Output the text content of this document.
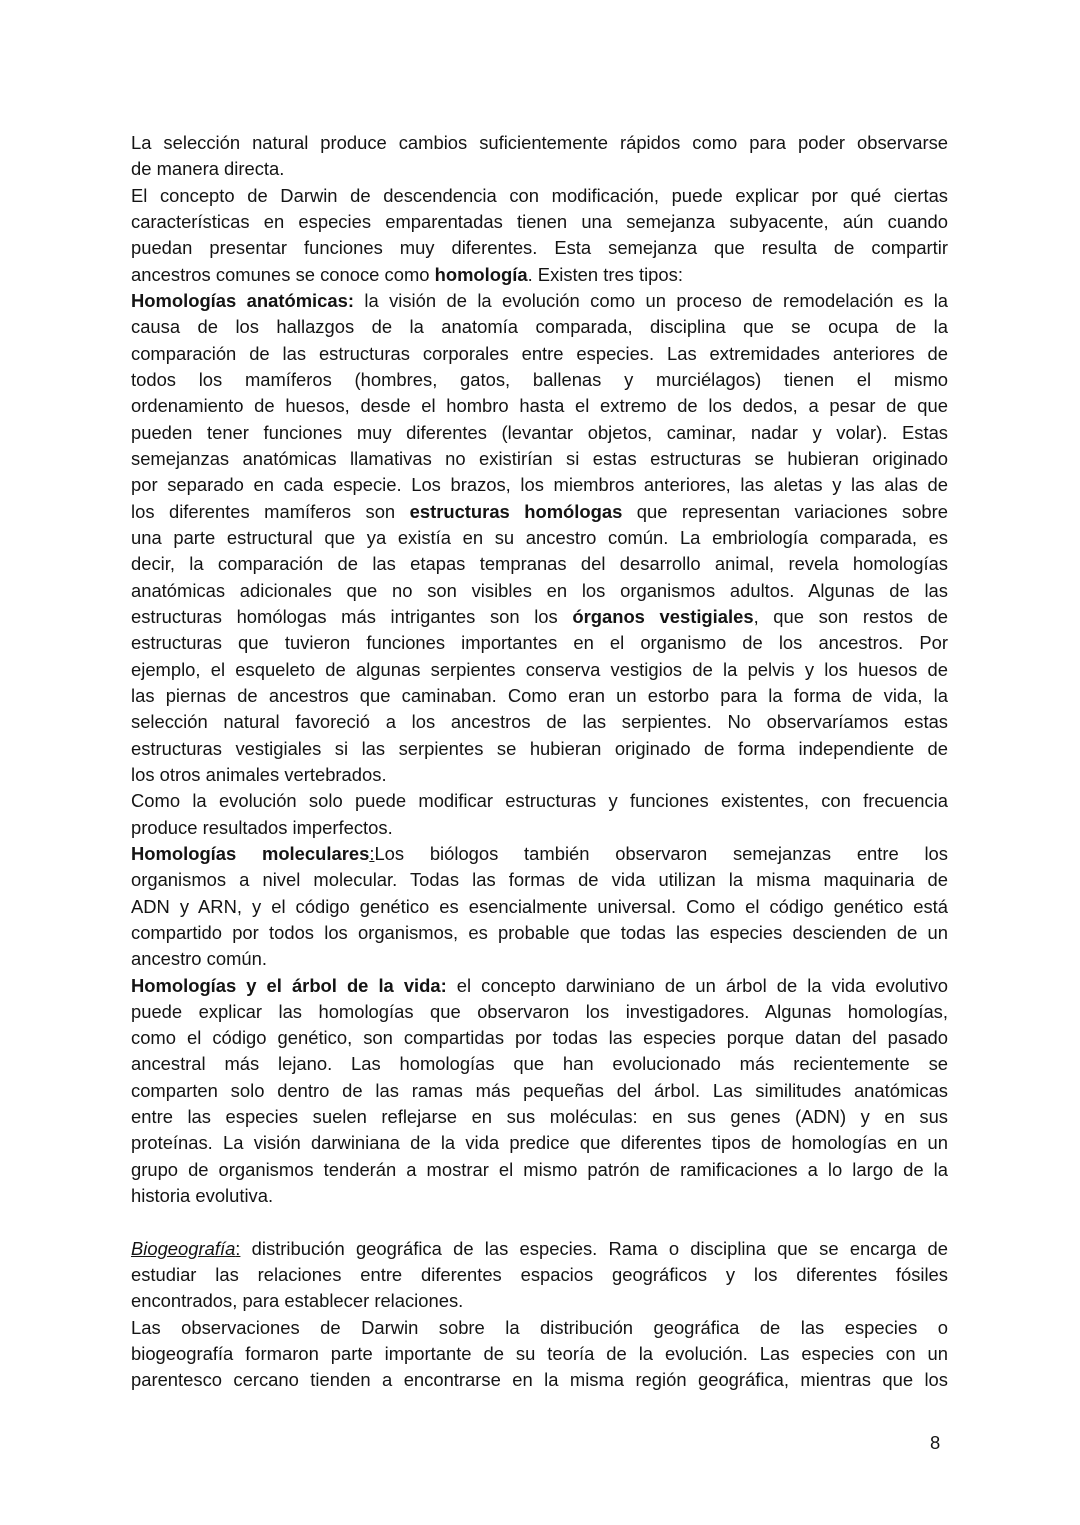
La selección natural produce cambios suficientemente rápidos como para poder observarse
de manera directa.
El concepto de Darwin de descendencia con modificación, puede explicar por qué ciertas
características en especies emparentadas tienen una semejanza subyacente, aún cuando
puedan presentar funciones muy diferentes. Esta semejanza que resulta de compartir
ancestros comunes se conoce como homología. Existen tres tipos:
Homologías anatómicas: la visión de la evolución como un proceso de remodelación es la
causa de los hallazgos de la anatomía comparada, disciplina que se ocupa de la
comparación de las estructuras corporales entre especies. Las extremidades anteriores de
todos los mamíferos (hombres, gatos, ballenas y murciélagos) tienen el mismo
ordenamiento de huesos, desde el hombro hasta el extremo de los dedos, a pesar de que
pueden tener funciones muy diferentes (levantar objetos, caminar, nadar y volar). Estas
semejanzas anatómicas llamativas no existirían si estas estructuras se hubieran originado
por separado en cada especie. Los brazos, los miembros anteriores, las aletas y las alas de
los diferentes mamíferos son estructuras homólogas que representan variaciones sobre
una parte estructural que ya existía en su ancestro común. La embriología comparada, es
decir, la comparación de las etapas tempranas del desarrollo animal, revela homologías
anatómicas adicionales que no son visibles en los organismos adultos. Algunas de las
estructuras homólogas más intrigantes son los órganos vestigiales, que son restos de
estructuras que tuvieron funciones importantes en el organismo de los ancestros. Por
ejemplo, el esqueleto de algunas serpientes conserva vestigios de la pelvis y los huesos de
las piernas de ancestros que caminaban. Como eran un estorbo para la forma de vida, la
selección natural favoreció a los ancestros de las serpientes. No observaríamos estas
estructuras vestigiales si las serpientes se hubieran originado de forma independiente de
los otros animales vertebrados.
Como la evolución solo puede modificar estructuras y funciones existentes, con frecuencia
produce resultados imperfectos.
Homologías moleculares:Los biólogos también observaron semejanzas entre los
organismos a nivel molecular. Todas las formas de vida utilizan la misma maquinaria de
ADN y ARN, y el código genético es esencialmente universal. Como el código genético está
compartido por todos los organismos, es probable que todas las especies descienden de un
ancestro común.
Homologías y el árbol de la vida: el concepto darwiniano de un árbol de la vida evolutivo
puede explicar las homologías que observaron los investigadores. Algunas homologías,
como el código genético, son compartidas por todas las especies porque datan del pasado
ancestral más lejano. Las homologías que han evolucionado más recientemente se
comparten solo dentro de las ramas más pequeñas del árbol. Las similitudes anatómicas
entre las especies suelen reflejarse en sus moléculas: en sus genes (ADN) y en sus
proteínas. La visión darwiniana de la vida predice que diferentes tipos de homologías en un
grupo de organismos tenderán a mostrar el mismo patrón de ramificaciones a lo largo de la
historia evolutiva.
Biogeografía: distribución geográfica de las especies. Rama o disciplina que se encarga de
estudiar las relaciones entre diferentes espacios geográficos y los diferentes fósiles
encontrados, para establecer relaciones.
Las observaciones de Darwin sobre la distribución geográfica de las especies o
biogeografía formaron parte importante de su teoría de la evolución. Las especies con un
parentesco cercano tienden a encontrarse en la misma región geográfica, mientras que los
8
